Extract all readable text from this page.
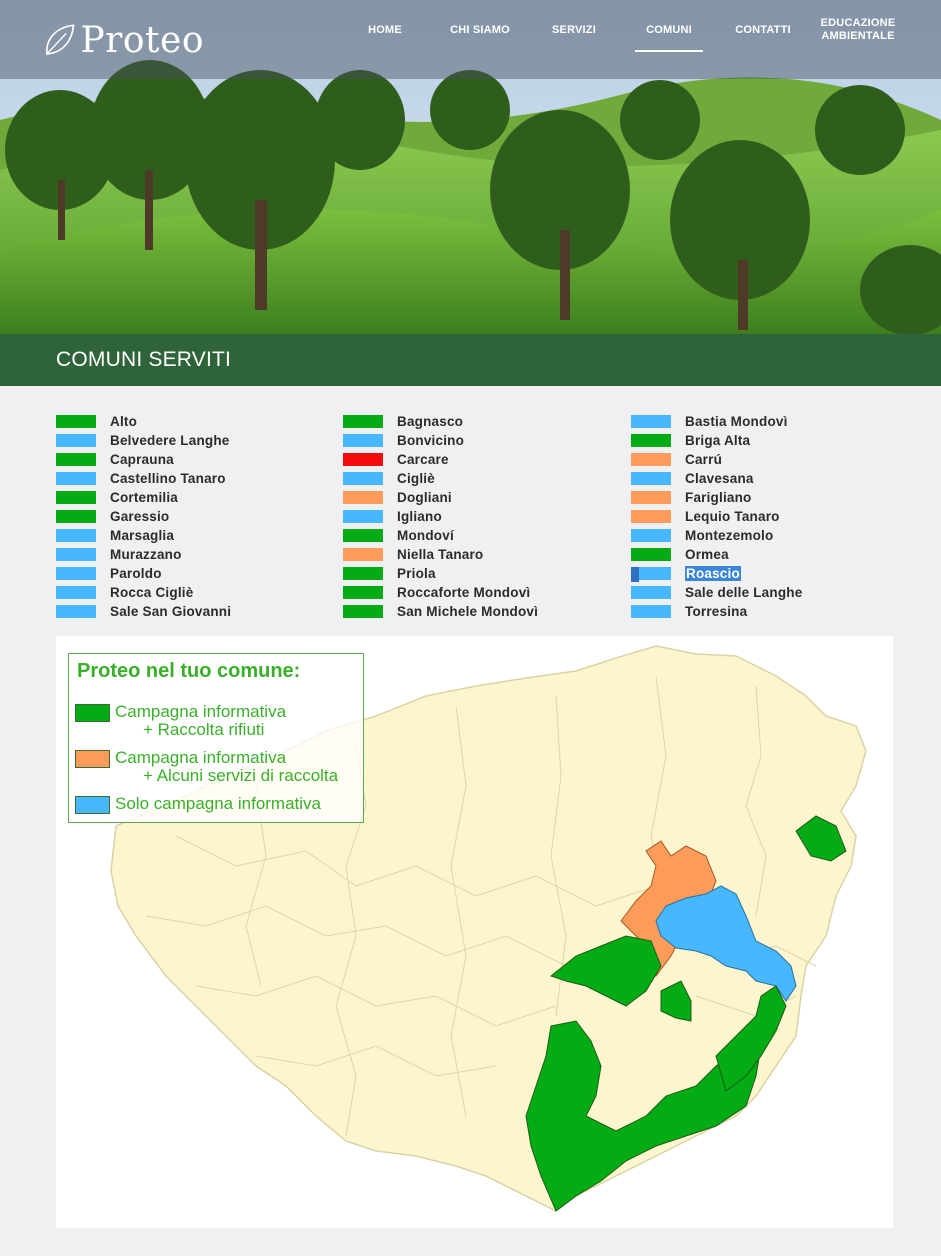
Proteo	HOME	CHI SIAMO	SERVIZI	COMUNI	CONTATTI
EDUCAZIONE AMBIENTALE
COMUNI SERVITI
Alto
Belvedere Langhe
Caprauna
Castellino Tanaro
Cortemilia
Garessio
Marsaglia
Murazzano
Paroldo
Rocca Cigliè
Sale San Giovanni
Bagnasco
Bonvicino
Carcare
Cigliè
Dogliani
Igliano
Mondoví
Niella Tanaro
Priola
Roccaforte Mondovì
San Michele Mondovì
Bastia Mondovì
Briga Alta
Carrú
Clavesana
Farigliano
Lequio Tanaro
Montezemolo
Ormea
Roascio
Sale delle Langhe
Torresina
Proteo nel tuo comune:
Campagna informativa
+ Raccolta rifiuti
Campagna informativa
+ Alcuni servizi di raccolta
Solo campagna informativa
